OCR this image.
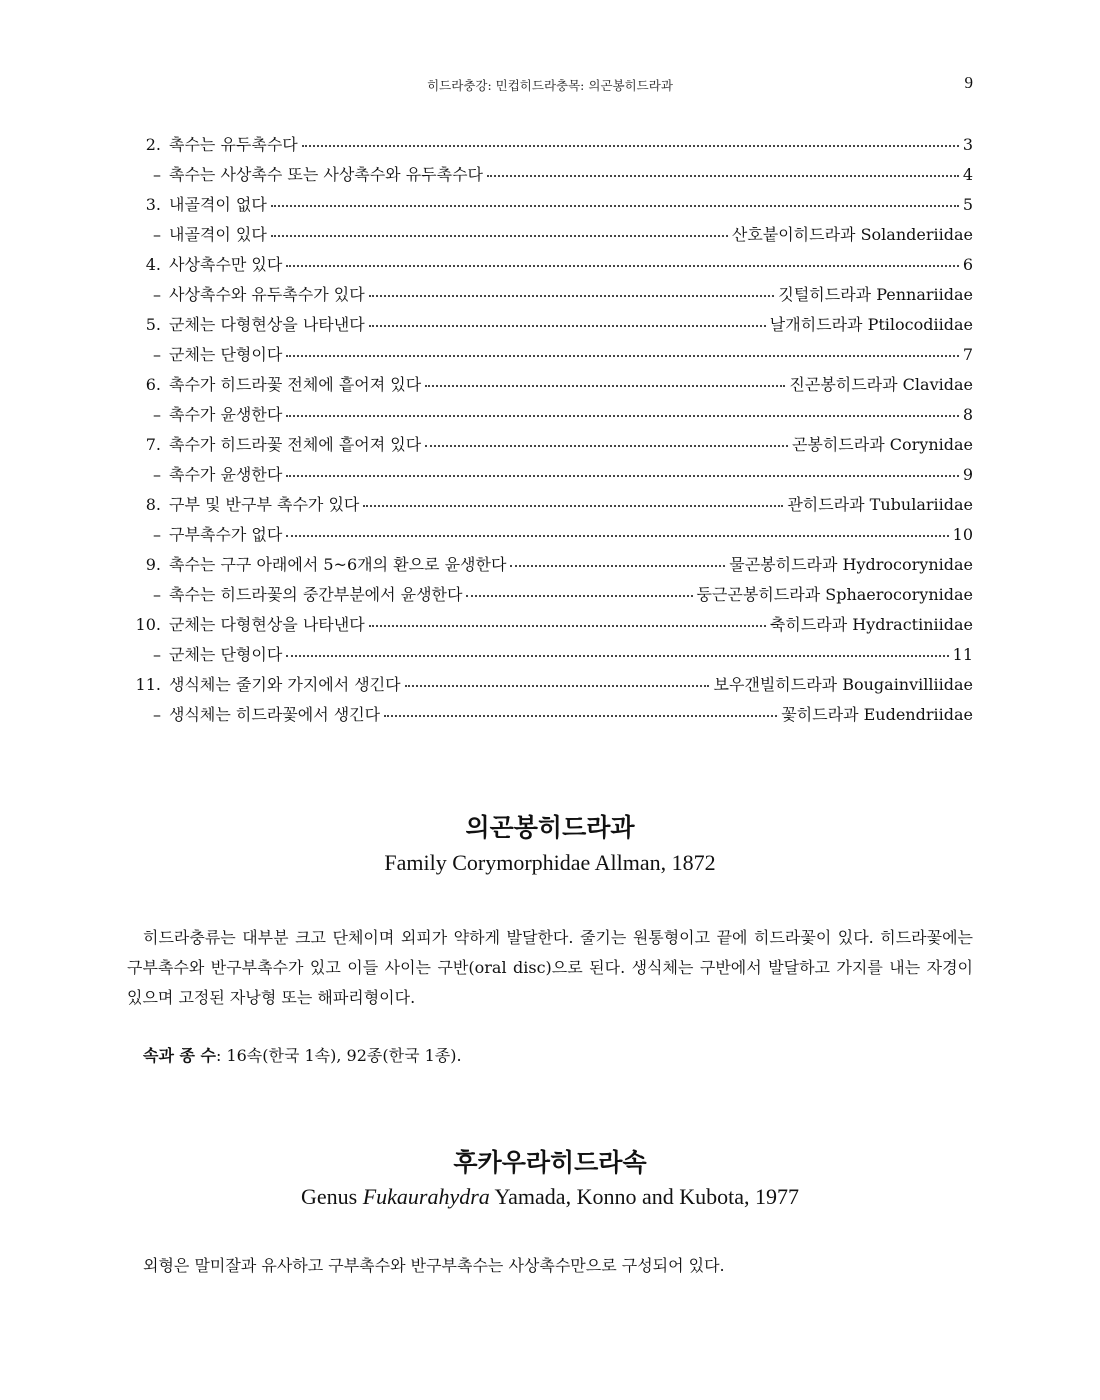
히드라충강: 민컵히드라충목: 의곤봉히드라과	9
2. 촉수는 유두촉수다	3
– 촉수는 사상촉수 또는 사상촉수와 유두촉수다	4
3. 내골격이 없다	5
– 내골격이 있다	산호붙이히드라과 Solanderiidae
4. 사상촉수만 있다	6
– 사상촉수와 유두촉수가 있다	깃털히드라과 Pennariidae
5. 군체는 다형현상을 나타낸다	날개히드라과 Ptilocodiidae
– 군체는 단형이다	7
6. 촉수가 히드라꽃 전체에 흩어져 있다	진곤봉히드라과 Clavidae
– 촉수가 윤생한다	8
7. 촉수가 히드라꽃 전체에 흩어져 있다	곤봉히드라과 Corynidae
– 촉수가 윤생한다	9
8. 구부 및 반구부 촉수가 있다	관히드라과 Tubulariidae
– 구부촉수가 없다	10
9. 촉수는 구구 아래에서 5~6개의 환으로 윤생한다	물곤봉히드라과 Hydrocorynidae
– 촉수는 히드라꽃의 중간부분에서 윤생한다	둥근곤봉히드라과 Sphaerocorynidae
10. 군체는 다형현상을 나타낸다	축히드라과 Hydractiniidae
– 군체는 단형이다	11
11. 생식체는 줄기와 가지에서 생긴다	보우갠빌히드라과 Bougainvilliidae
– 생식체는 히드라꽃에서 생긴다	꽃히드라과 Eudendriidae
의곤봉히드라과
Family Corymorphidae Allman, 1872
히드라충류는 대부분 크고 단체이며 외피가 약하게 발달한다. 줄기는 원통형이고 끝에 히드라꽃이 있다. 히드라꽃에는 구부촉수와 반구부촉수가 있고 이들 사이는 구반(oral disc)으로 된다. 생식체는 구반에서 발달하고 가지를 내는 자경이 있으며 고정된 자낭형 또는 해파리형이다.
속과 종 수: 16속(한국 1속), 92종(한국 1종).
후카우라히드라속
Genus Fukaurahydra Yamada, Konno and Kubota, 1977
외형은 말미잘과 유사하고 구부촉수와 반구부촉수는 사상촉수만으로 구성되어 있다.
